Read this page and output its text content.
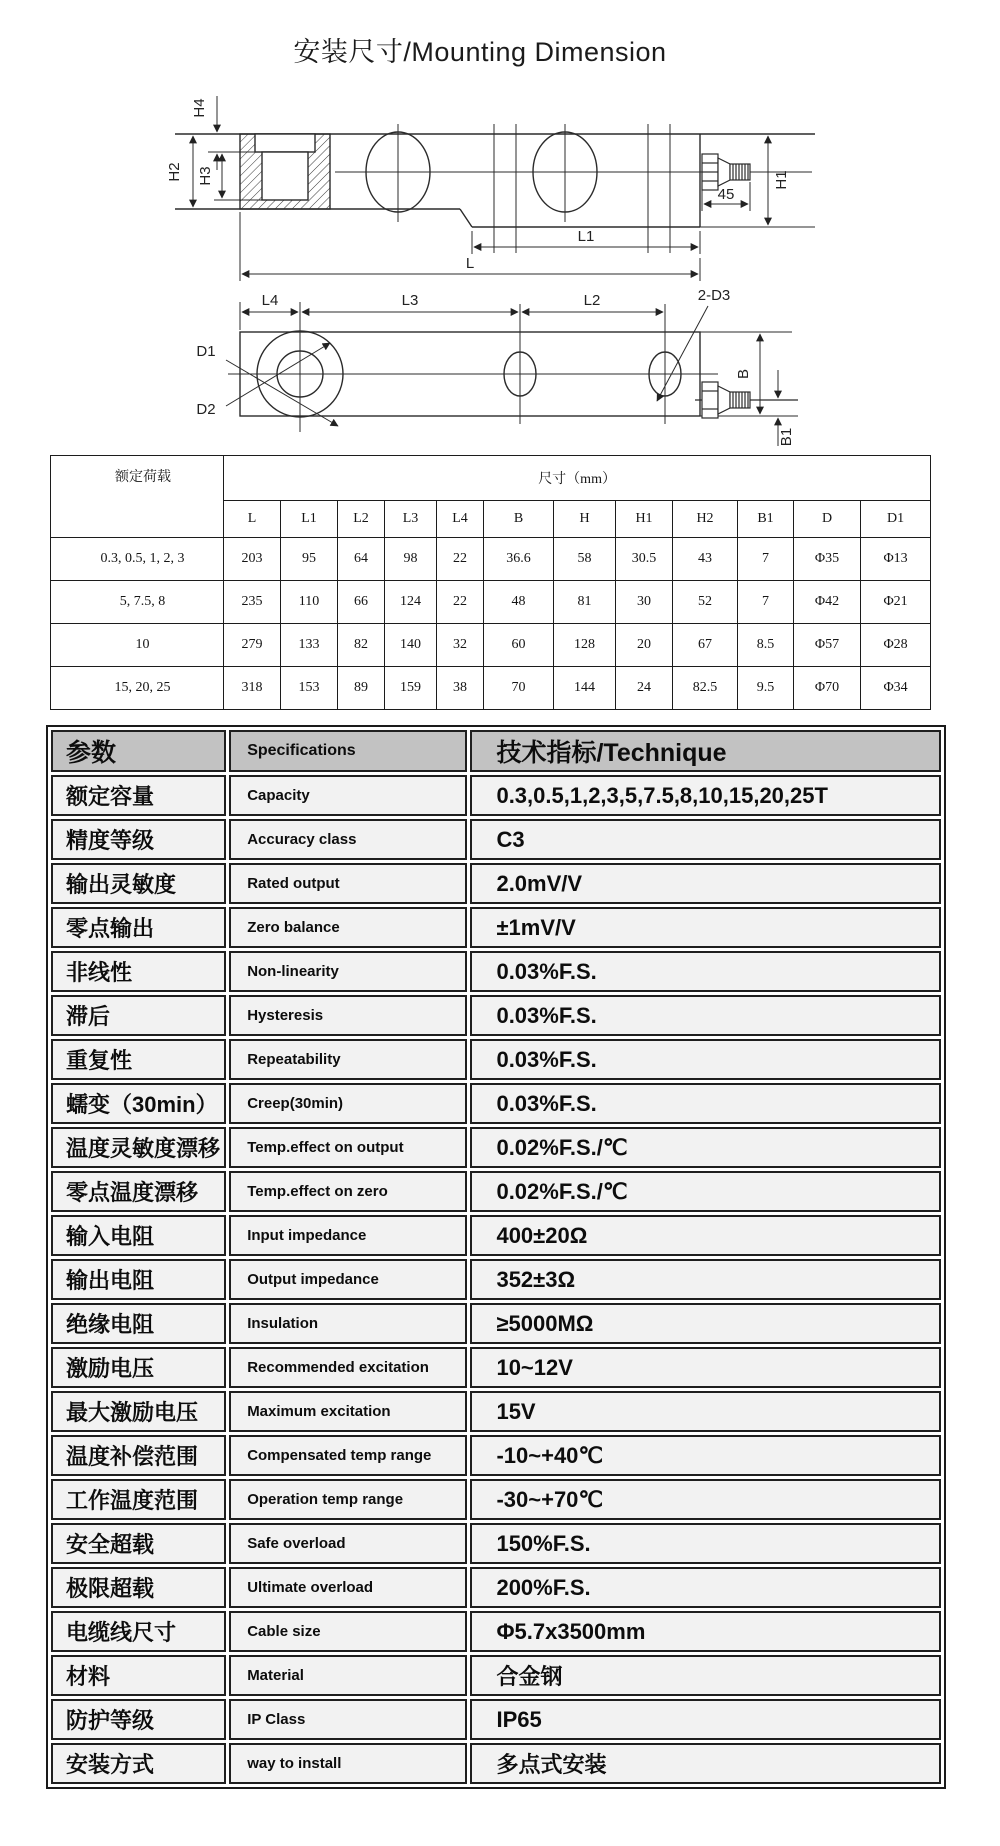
安装尺寸/Mounting Dimension
H4
H2 H3	H1
45
L1
L
L4	L3	L2	2-D3
D1
D2
B
B1
额定荷载	尺寸（mm）											
	L	L1	L2	L3	L4	B	H	H1	H2	B1	D	D1
0.3, 0.5, 1, 2, 3	203	95	64	98	22	36.6	58	30.5	43	7	Φ35	Φ13
5, 7.5, 8	235	110	66	124	22	48	81	30	52	7	Φ42	Φ21
10	279	133	82	140	32	60	128	20	67	8.5	Φ57	Φ28
15, 20, 25	318	153	89	159	38	70	144	24	82.5	9.5	Φ70	Φ34
参数	Specifications	技术指标/Technique
额定容量	Capacity	0.3,0.5,1,2,3,5,7.5,8,10,15,20,25T
精度等级	Accuracy class	C3
输出灵敏度	Rated output	2.0mV/V
零点输出	Zero balance	±1mV/V
非线性	Non-linearity	0.03%F.S.
滞后	Hysteresis	0.03%F.S.
重复性	Repeatability	0.03%F.S.
蠕变（30min）	Creep(30min)	0.03%F.S.
温度灵敏度漂移	Temp.effect on output	0.02%F.S./℃
零点温度漂移	Temp.effect on zero	0.02%F.S./℃
输入电阻	Input impedance	400±20Ω
输出电阻	Output impedance	352±3Ω
绝缘电阻	Insulation	≥5000MΩ
激励电压	Recommended excitation	10~12V
最大激励电压	Maximum excitation	15V
温度补偿范围	Compensated temp range	-10~+40℃
工作温度范围	Operation temp range	-30~+70℃
安全超载	Safe overload	150%F.S.
极限超载	Ultimate overload	200%F.S.
电缆线尺寸	Cable size	Φ5.7x3500mm
材料	Material	合金钢
防护等级	IP Class	IP65
安装方式	way to install	多点式安装
